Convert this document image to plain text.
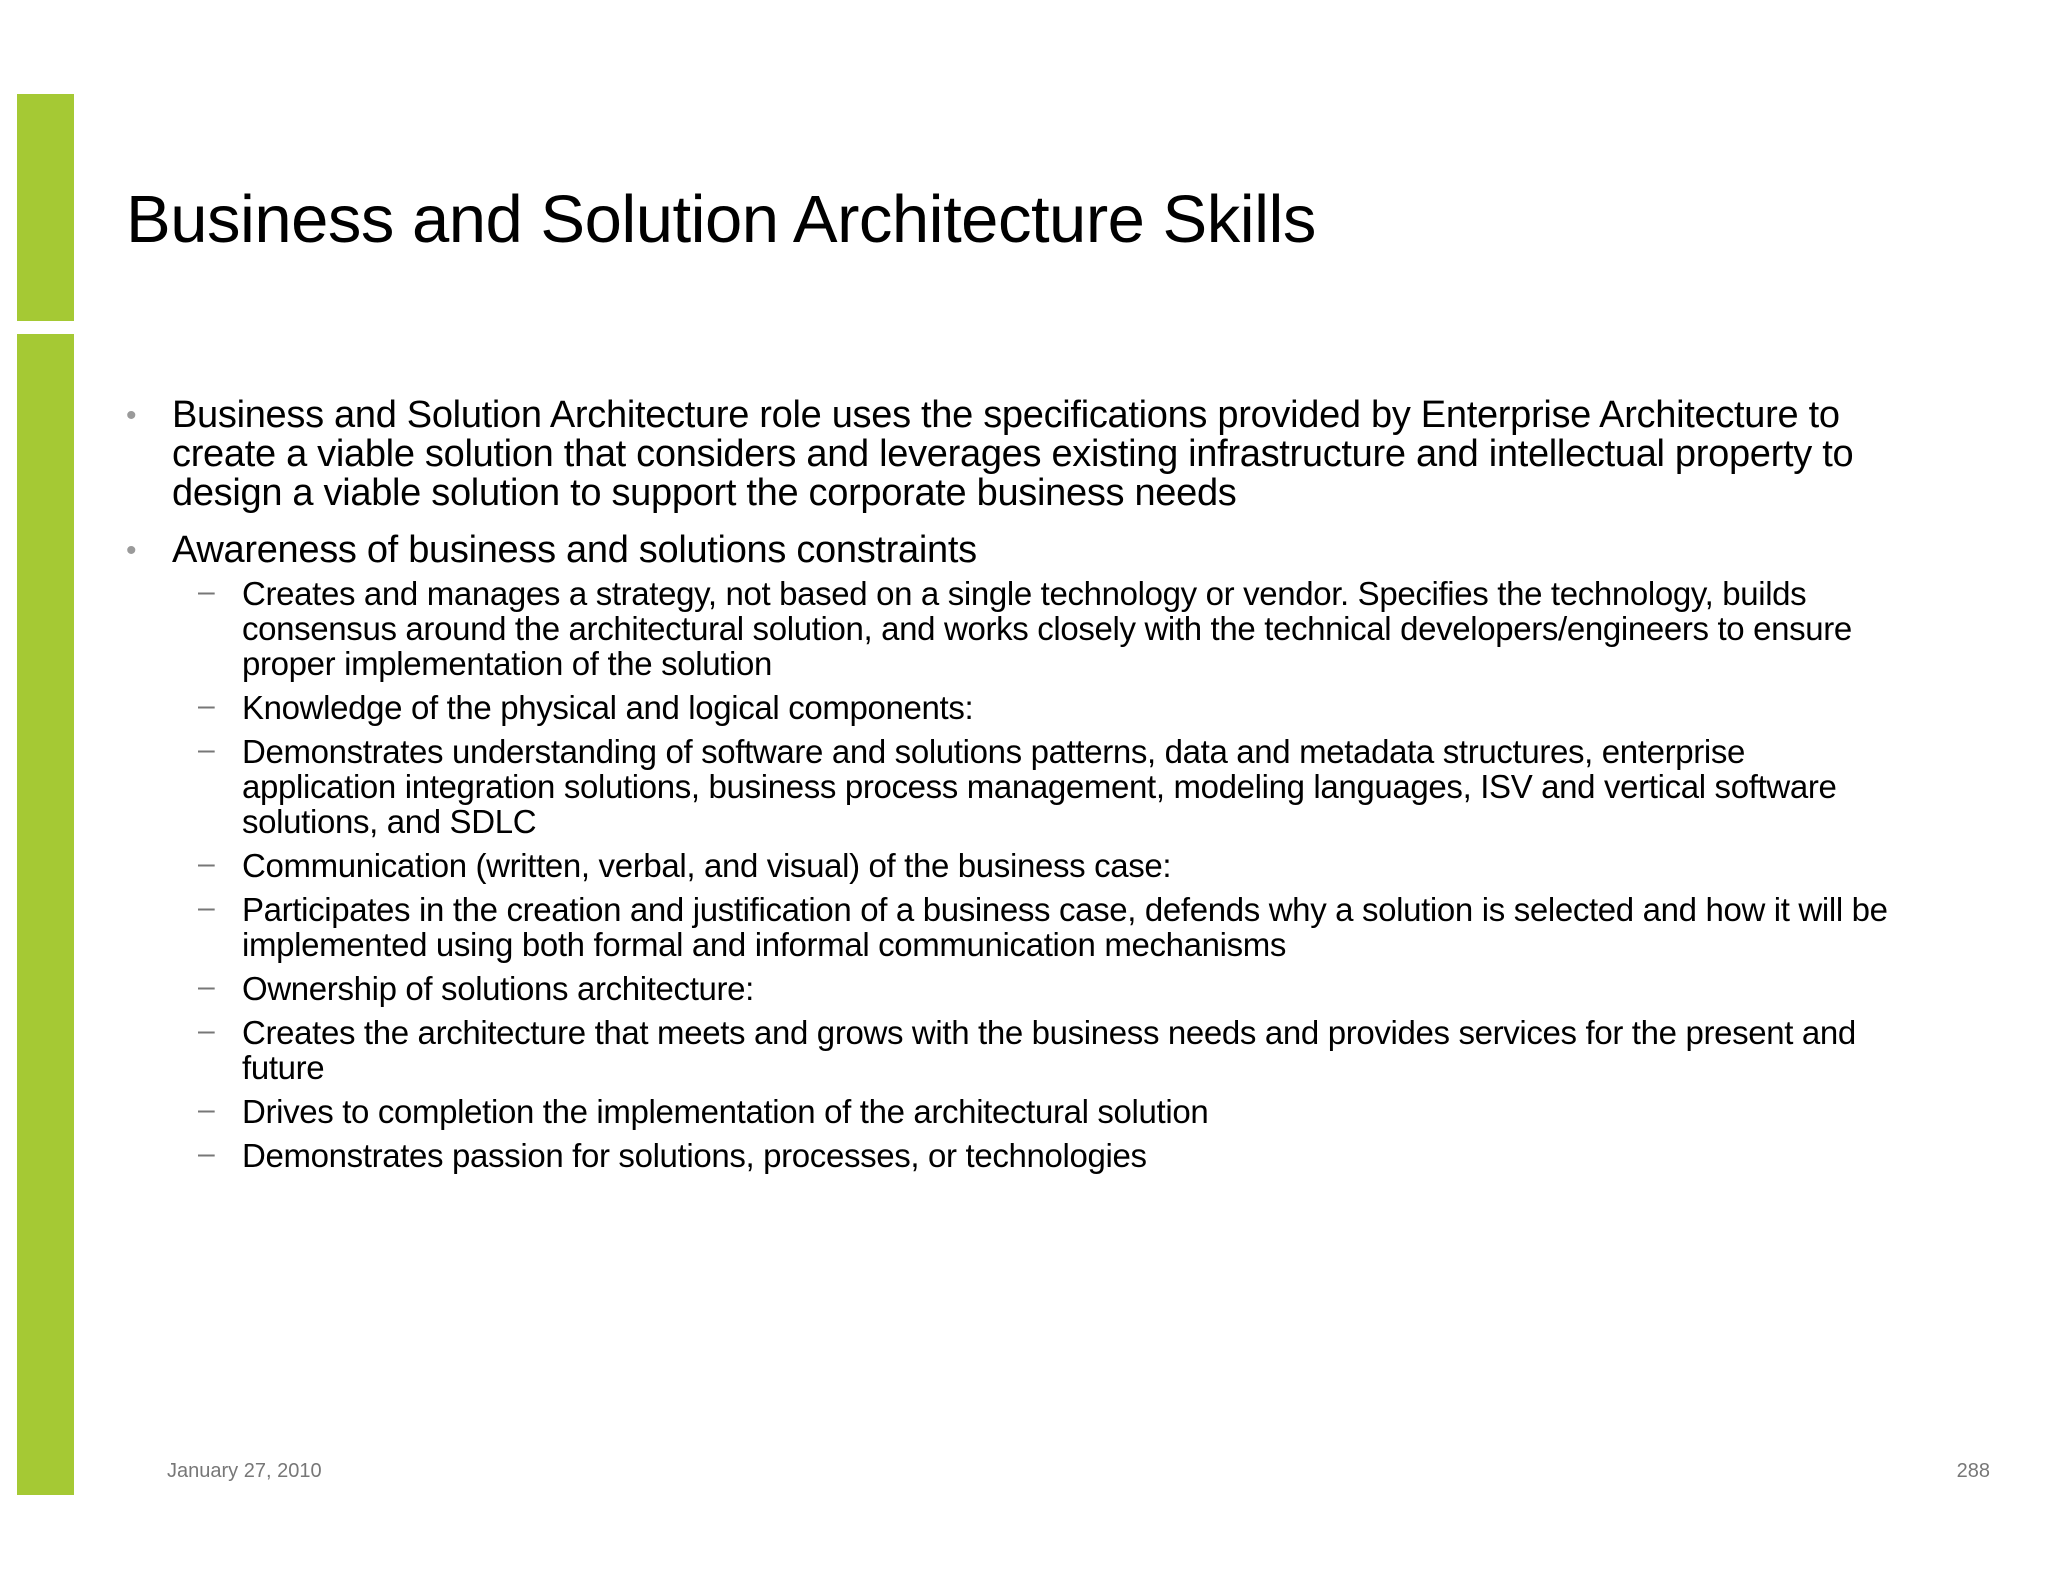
Business and Solution Architecture Skills
• Business and Solution Architecture role uses the specifications provided by Enterprise Architecture to create a viable solution that considers and leverages existing infrastructure and intellectual property to design a viable solution to support the corporate business needs
• Awareness of business and solutions constraints
– Creates and manages a strategy, not based on a single technology or vendor. Specifies the technology, builds consensus around the architectural solution, and works closely with the technical developers/engineers to ensure proper implementation of the solution
– Knowledge of the physical and logical components:
– Demonstrates understanding of software and solutions patterns, data and metadata structures, enterprise application integration solutions, business process management, modeling languages, ISV and vertical software solutions, and SDLC
– Communication (written, verbal, and visual) of the business case:
– Participates in the creation and justification of a business case, defends why a solution is selected and how it will be implemented using both formal and informal communication mechanisms
– Ownership of solutions architecture:
– Creates the architecture that meets and grows with the business needs and provides services for the present and future
– Drives to completion the implementation of the architectural solution
– Demonstrates passion for solutions, processes, or technologies
January 27, 2010	288
